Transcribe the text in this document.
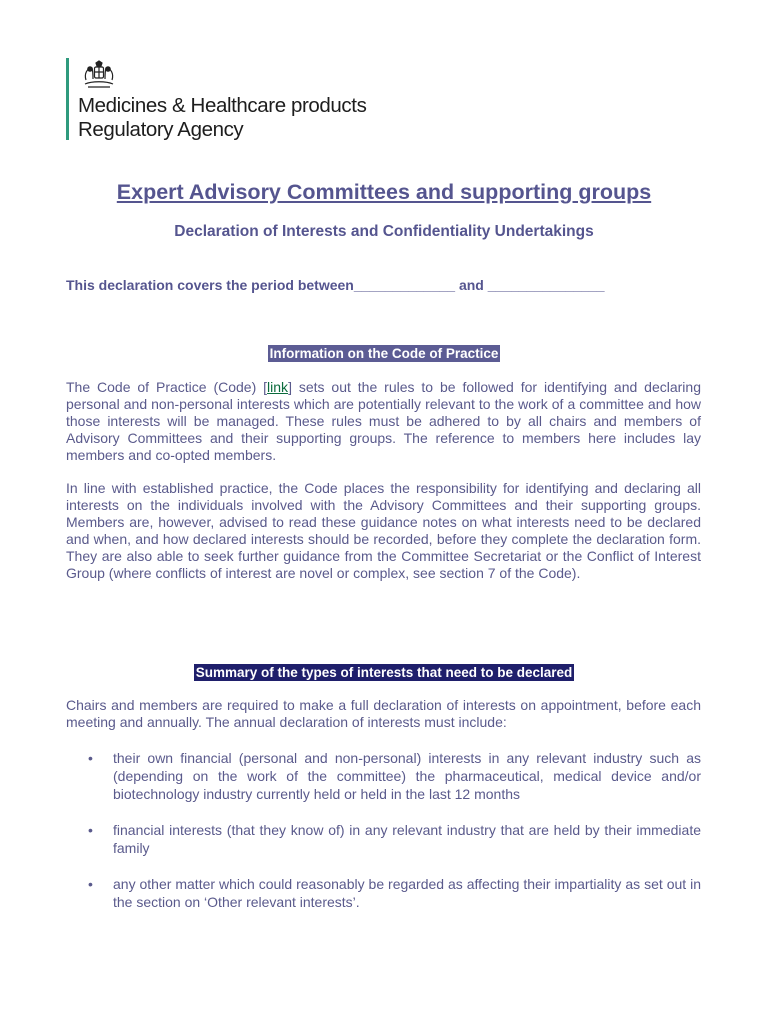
Medicines & Healthcare products
Regulatory Agency
Expert Advisory Committees and supporting groups
Declaration of Interests and Confidentiality Undertakings
This declaration covers the period between_____________ and _______________
Information on the Code of Practice
The Code of Practice (Code) [link] sets out the rules to be followed for identifying and declaring personal and non-personal interests which are potentially relevant to the work of a committee and how those interests will be managed. These rules must be adhered to by all chairs and members of Advisory Committees and their supporting groups. The reference to members here includes lay members and co-opted members.
In line with established practice, the Code places the responsibility for identifying and declaring all interests on the individuals involved with the Advisory Committees and their supporting groups. Members are, however, advised to read these guidance notes on what interests need to be declared and when, and how declared interests should be recorded, before they complete the declaration form. They are also able to seek further guidance from the Committee Secretariat or the Conflict of Interest Group (where conflicts of interest are novel or complex, see section 7 of the Code).
Summary of the types of interests that need to be declared
Chairs and members are required to make a full declaration of interests on appointment, before each meeting and annually. The annual declaration of interests must include:
• their own financial (personal and non-personal) interests in any relevant industry such as (depending on the work of the committee) the pharmaceutical, medical device and/or biotechnology industry currently held or held in the last 12 months
• financial interests (that they know of) in any relevant industry that are held by their immediate family
• any other matter which could reasonably be regarded as affecting their impartiality as set out in the section on ‘Other relevant interests’.
